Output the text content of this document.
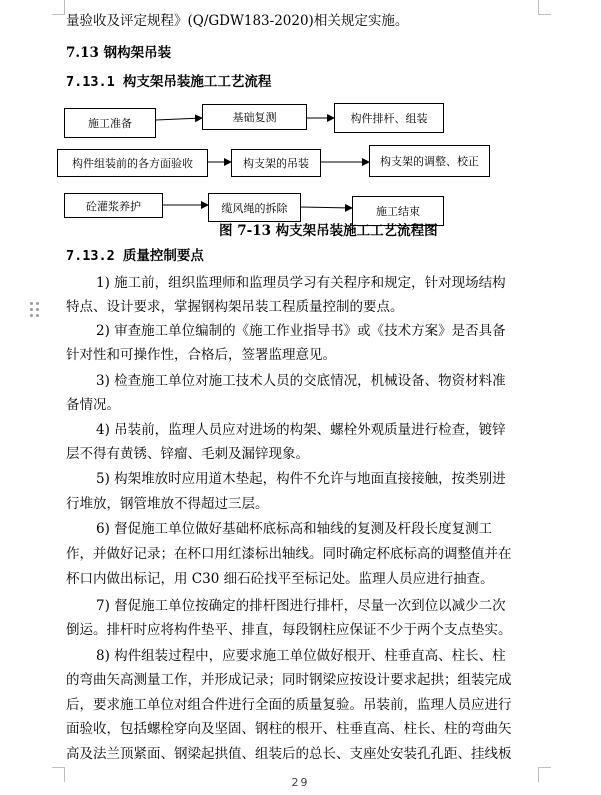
量验收及评定规程》(Q/GDW183-2020)相关规定实施。
7.13 钢构架吊装
7.13.1 构支架吊装施工工艺流程
施工准备	基础复测	构件排杆、组装
构件组装前的各方面验收	构支架的吊装	构支架的调整、校正
砼灌浆养护	缆风绳的拆除	施工结束
图 7-13 构支架吊装施工工艺流程图
7.13.2 质量控制要点
1) 施工前，组织监理师和监理员学习有关程序和规定，针对现场结构
特点、设计要求，掌握钢构架吊装工程质量控制的要点。
2) 审查施工单位编制的《施工作业指导书》或《技术方案》是否具备
针对性和可操作性，合格后，签署监理意见。
3) 检查施工单位对施工技术人员的交底情况，机械设备、物资材料准
备情况。
4) 吊装前，监理人员应对进场的构架、螺栓外观质量进行检查，镀锌
层不得有黄锈、锌瘤、毛刺及漏锌现象。
5) 构架堆放时应用道木垫起，构件不允许与地面直接接触，按类别进
行堆放，钢管堆放不得超过三层。
6) 督促施工单位做好基础杯底标高和轴线的复测及杆段长度复测工
作，并做好记录；在杯口用红漆标出轴线。同时确定杯底标高的调整值并在
杯口内做出标记，用 C30 细石砼找平至标记处。监理人员应进行抽查。
7) 督促施工单位按确定的排杆图进行排杆，尽量一次到位以减少二次
倒运。排杆时应将构件垫平、排直，每段钢柱应保证不少于两个支点垫实。
8) 构件组装过程中，应要求施工单位做好根开、柱垂直高、柱长、柱
的弯曲矢高测量工作，并形成记录；同时钢梁应按设计要求起拱；组装完成
后，要求施工单位对组合件进行全面的质量复验。吊装前，监理人员应进行
面验收，包括螺栓穿向及坚固、钢柱的根开、柱垂直高、柱长、柱的弯曲矢
高及法兰顶紧面、钢梁起拱值、组装后的总长、支座处安装孔孔距、挂线板
29
